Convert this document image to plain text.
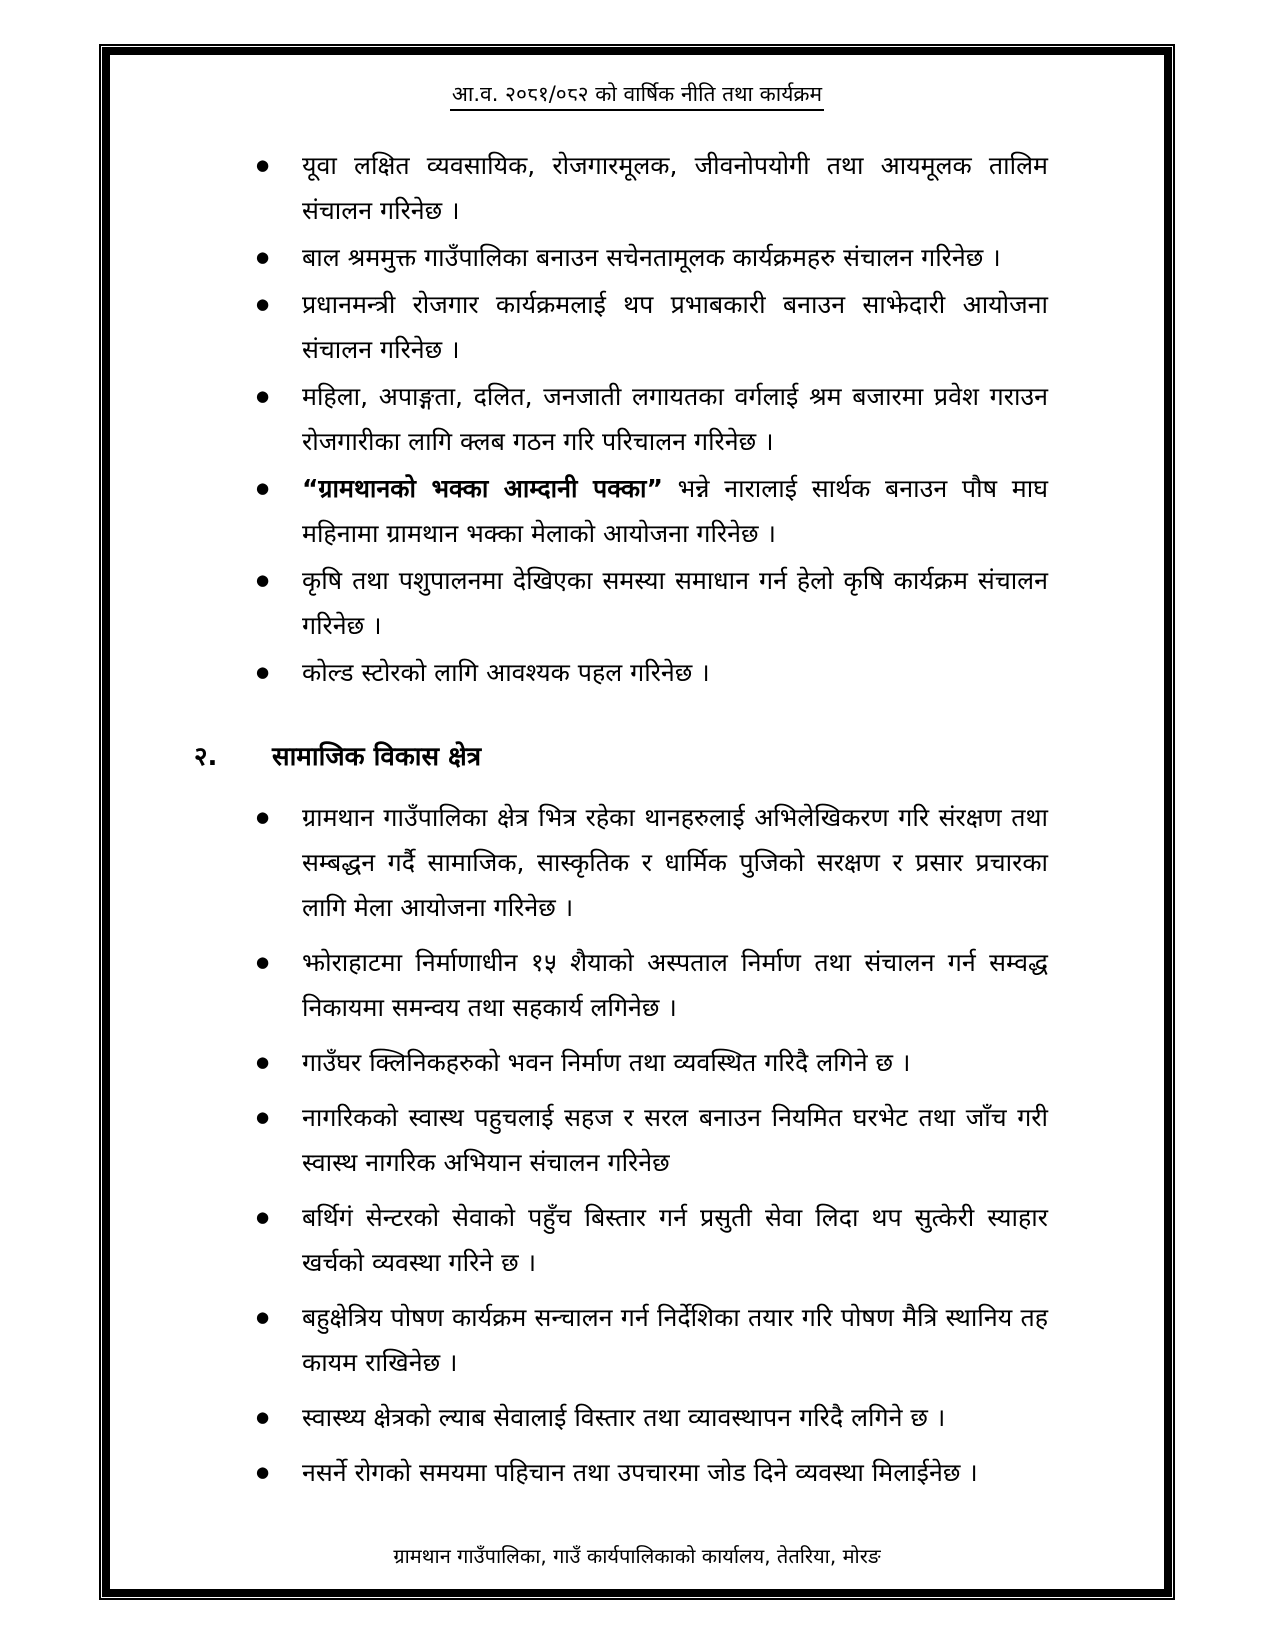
आ.व. २०८१/०८२ को वार्षिक नीति तथा कार्यक्रम
●	यूवा लक्षित व्यवसायिक, रोजगारमूलक, जीवनोपयोगी तथा आयमूलक तालिम संचालन गरिनेछ ।
●	बाल श्रममुक्त गाउँपालिका बनाउन सचेनतामूलक कार्यक्रमहरु संचालन गरिनेछ ।
●	प्रधानमन्त्री रोजगार कार्यक्रमलाई थप प्रभाबकारी बनाउन साझेदारी आयोजना संचालन गरिनेछ ।
●	महिला, अपाङ्गता, दलित, जनजाती लगायतका वर्गलाई श्रम बजारमा प्रवेश गराउन रोजगारीका लागि क्लब गठन गरि परिचालन गरिनेछ ।
●	“ग्रामथानको भक्का आम्दानी पक्का” भन्ने नारालाई सार्थक बनाउन पौष माघ महिनामा ग्रामथान भक्का मेलाको आयोजना गरिनेछ ।
●	कृषि तथा पशुपालनमा देखिएका समस्या समाधान गर्न हेलो कृषि कार्यक्रम संचालन गरिनेछ ।
●	कोल्ड स्टोरको लागि आवश्यक पहल गरिनेछ ।
२.	सामाजिक विकास क्षेत्र
●	ग्रामथान गाउँपालिका क्षेत्र भित्र रहेका थानहरुलाई अभिलेखिकरण गरि संरक्षण तथा सम्बद्धन गर्दै सामाजिक, सास्कृतिक र धार्मिक पुजिको सरक्षण र प्रसार प्रचारका लागि मेला आयोजना गरिनेछ ।
●	झोराहाटमा निर्माणाधीन १५ शैयाको अस्पताल निर्माण तथा संचालन गर्न सम्वद्ध निकायमा समन्वय तथा सहकार्य लगिनेछ ।
●	गाउँघर क्लिनिकहरुको भवन निर्माण तथा व्यवस्थित गरिदै लगिने छ ।
●	नागरिकको स्वास्थ पहुचलाई सहज र सरल बनाउन नियमित घरभेट तथा जाँच गरी स्वास्थ नागरिक अभियान संचालन गरिनेछ
●	बर्थिगं सेन्टरको सेवाको पहुँच बिस्तार गर्न प्रसुती सेवा लिदा थप सुत्केरी स्याहार खर्चको व्यवस्था गरिने छ ।
●	बहुक्षेत्रिय पोषण कार्यक्रम सन्चालन गर्न निर्देशिका तयार गरि पोषण मैत्रि स्थानिय तह कायम राखिनेछ ।
●	स्वास्थ्य क्षेत्रको ल्याब सेवालाई विस्तार तथा व्यावस्थापन गरिदै लगिने छ ।
●	नसर्ने रोगको समयमा पहिचान तथा उपचारमा जोड दिने व्यवस्था मिलाईनेछ ।
ग्रामथान गाउँपालिका, गाउँ कार्यपालिकाको कार्यालय, तेतरिया, मोरङ
